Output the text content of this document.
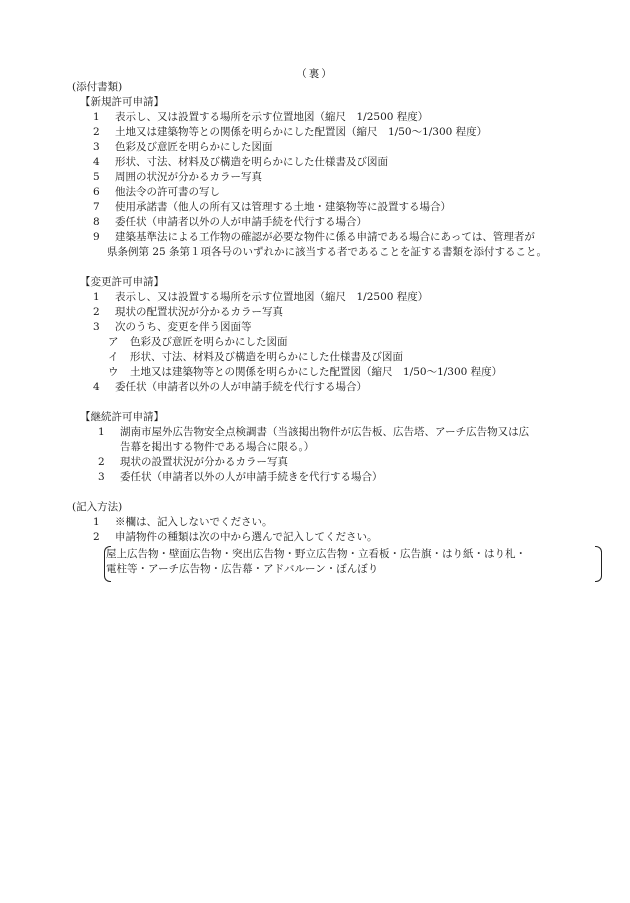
（裏）
(添付書類)
【新規許可申請】
1 表示し、又は設置する場所を示す位置地図（縮尺　1/2500 程度）
2 土地又は建築物等との関係を明らかにした配置図（縮尺　1/50～1/300 程度）
3 色彩及び意匠を明らかにした図面
4 形状、寸法、材料及び構造を明らかにした仕様書及び図面
5 周囲の状況が分かるカラー写真
6 他法令の許可書の写し
7 使用承諾書（他人の所有又は管理する土地・建築物等に設置する場合）
8 委任状（申請者以外の人が申請手続を代行する場合）
9 建築基準法による工作物の確認が必要な物件に係る申請である場合にあっては、管理者が
県条例第 25 条第１項各号のいずれかに該当する者であることを証する書類を添付すること。
【変更許可申請】
1 表示し、又は設置する場所を示す位置地図（縮尺　1/2500 程度）
2 現状の配置状況が分かるカラー写真
3 次のうち、変更を伴う図面等
ア 色彩及び意匠を明らかにした図面
イ 形状、寸法、材料及び構造を明らかにした仕様書及び図面
ウ 土地又は建築物等との関係を明らかにした配置図（縮尺　1/50～1/300 程度）
4 委任状（申請者以外の人が申請手続を代行する場合）
【継続許可申請】
1 湖南市屋外広告物安全点検調書（当該掲出物件が広告板、広告塔、アーチ広告物又は広
告幕を掲出する物件である場合に限る。）
2 現状の設置状況が分かるカラー写真
3 委任状（申請者以外の人が申請手続きを代行する場合）
(記入方法)
1 ※欄は、記入しないでください。
2 申請物件の種類は次の中から選んで記入してください。
屋上広告物・壁面広告物・突出広告物・野立広告物・立看板・広告旗・はり紙・はり札・
電柱等・アーチ広告物・広告幕・アドバルーン・ぼんぼり
